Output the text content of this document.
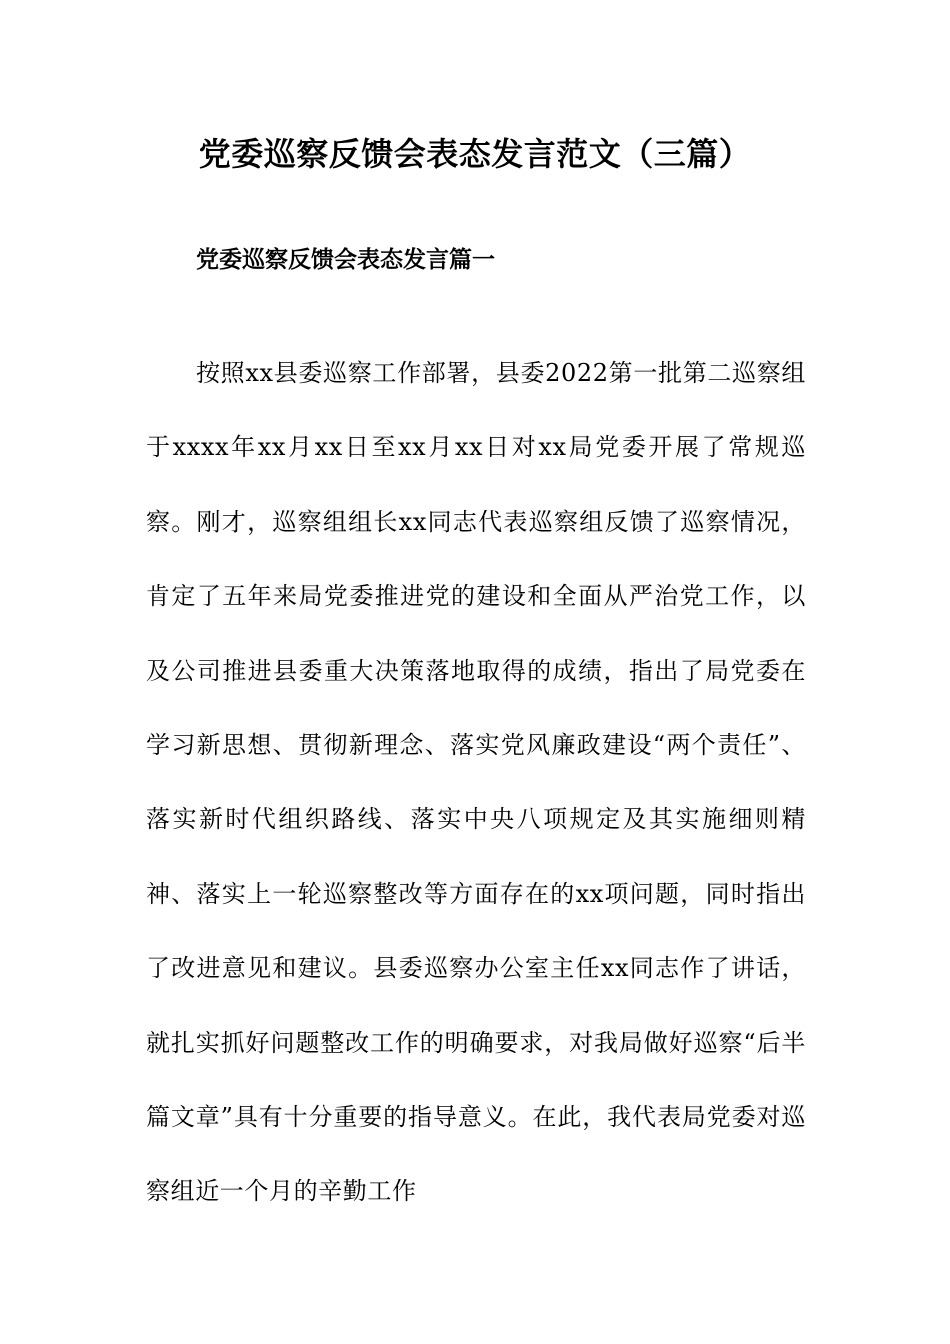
党委巡察反馈会表态发言范文（三篇）
党委巡察反馈会表态发言篇一

按照xx县委巡察工作部署，县委2022第一批第二巡察组于xxxx年xx月xx日至xx月xx日对xx局党委开展了常规巡察。刚才，巡察组组长xx同志代表巡察组反馈了巡察情况，肯定了五年来局党委推进党的建设和全面从严治党工作，以及公司推进县委重大决策落地取得的成绩，指出了局党委在学习新思想、贯彻新理念、落实党风廉政建设“两个责任”、落实新时代组织路线、落实中央八项规定及其实施细则精神、落实上一轮巡察整改等方面存在的xx项问题，同时指出了改进意见和建议。县委巡察办公室主任xx同志作了讲话，就扎实抓好问题整改工作的明确要求，对我局做好巡察“后半篇文章”具有十分重要的指导意义。在此，我代表局党委对巡察组近一个月的辛勤工作
